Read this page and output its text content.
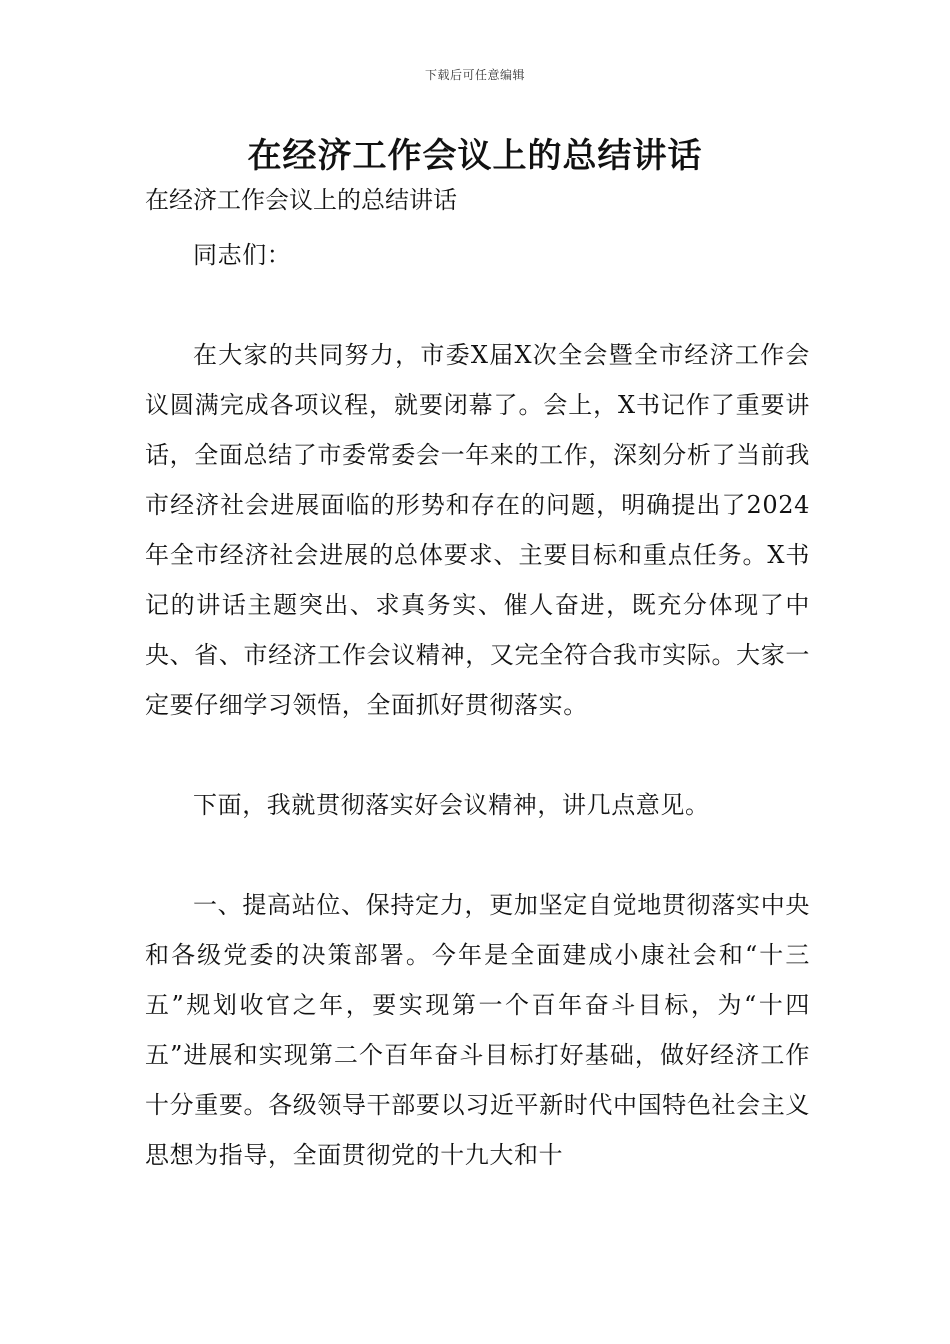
下载后可任意编辑
在经济工作会议上的总结讲话
在经济工作会议上的总结讲话

同志们：

在大家的共同努力，市委X届X次全会暨全市经济工作会议圆满完成各项议程，就要闭幕了。会上，X书记作了重要讲话，全面总结了市委常委会一年来的工作，深刻分析了当前我市经济社会进展面临的形势和存在的问题，明确提出了2024年全市经济社会进展的总体要求、主要目标和重点任务。X书记的讲话主题突出、求真务实、催人奋进，既充分体现了中央、省、市经济工作会议精神，又完全符合我市实际。大家一定要仔细学习领悟，全面抓好贯彻落实。

下面，我就贯彻落实好会议精神，讲几点意见。

一、提高站位、保持定力，更加坚定自觉地贯彻落实中央和各级党委的决策部署。今年是全面建成小康社会和“十三五”规划收官之年，要实现第一个百年奋斗目标，为“十四五”进展和实现第二个百年奋斗目标打好基础，做好经济工作十分重要。各级领导干部要以习近平新时代中国特色社会主义思想为指导，全面贯彻党的十九大和十
